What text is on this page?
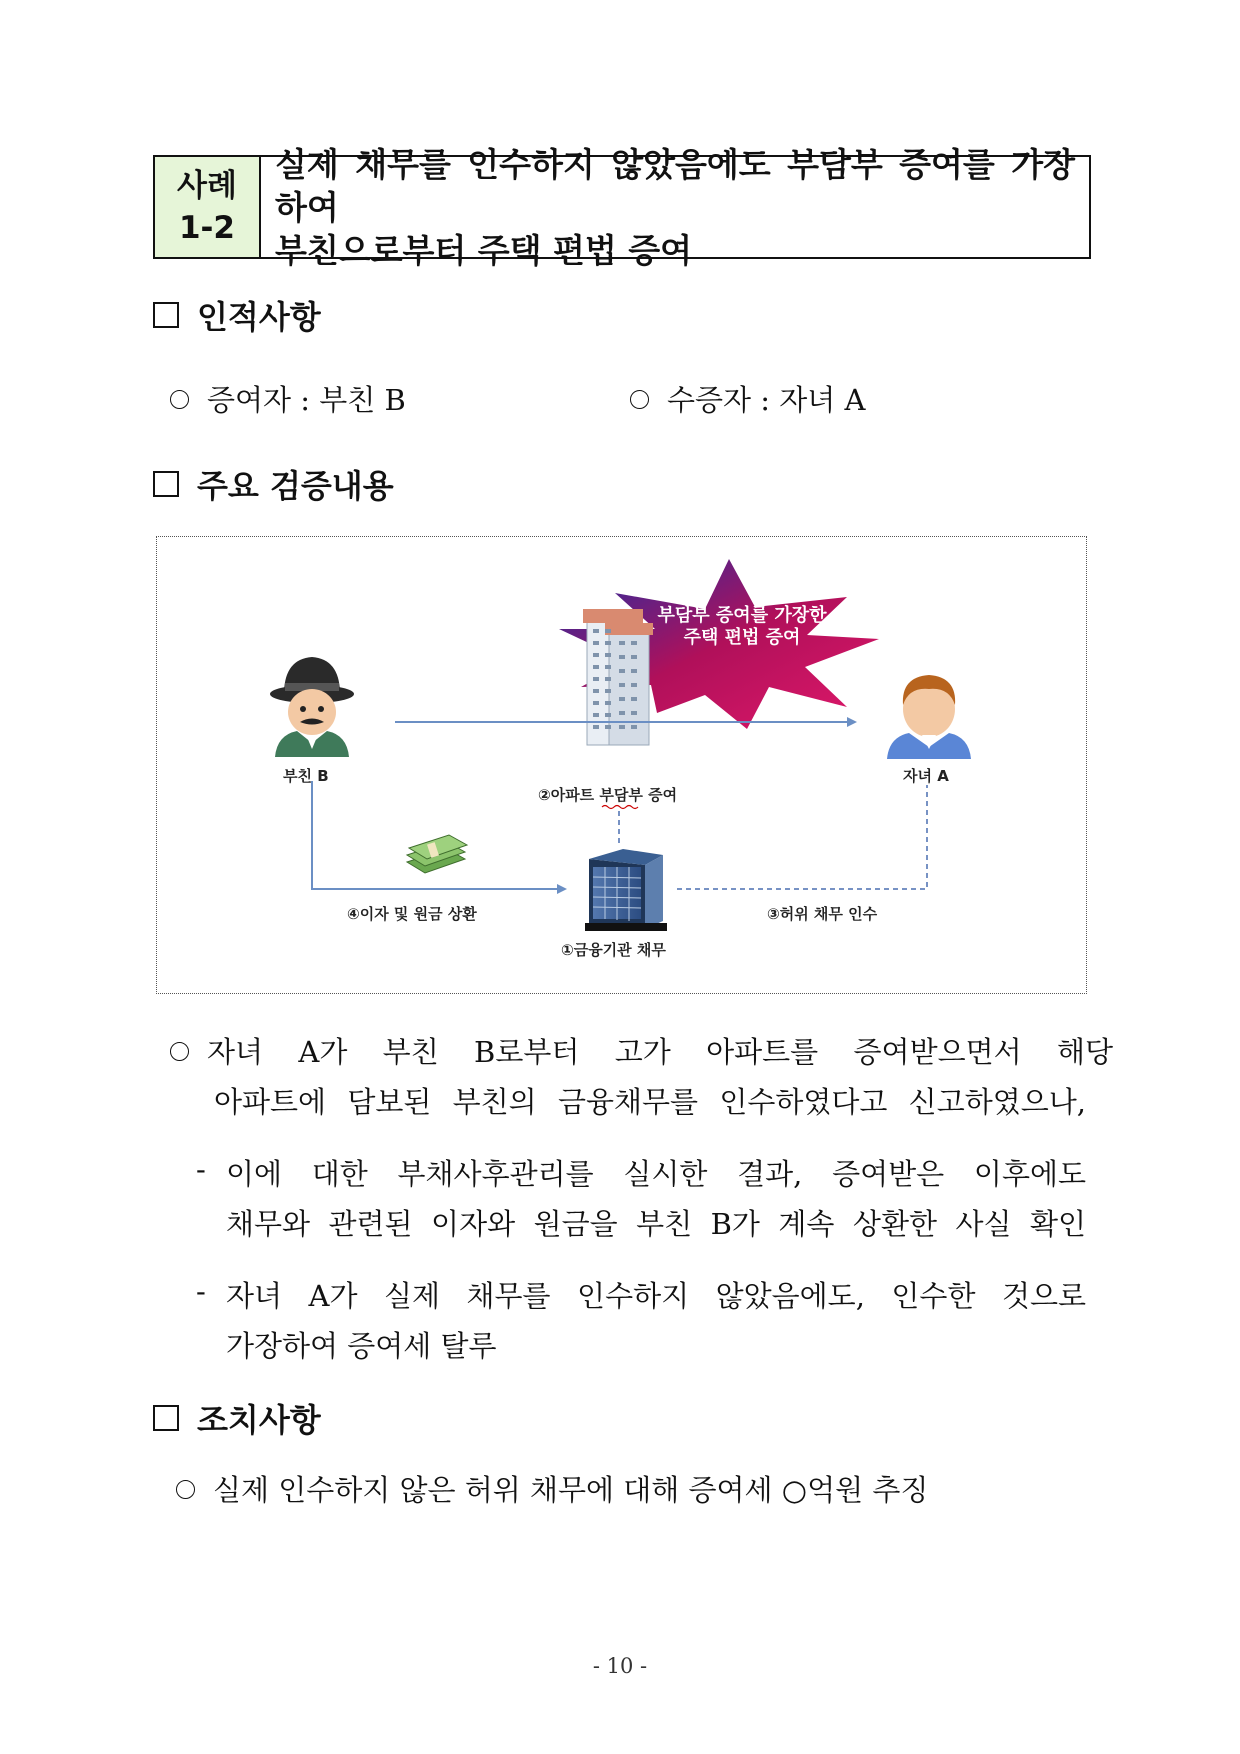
사례
1-2
실제 채무를 인수하지 않았음에도 부담부 증여를 가장하여
부친으로부터 주택 편법 증여
인적사항
증여자 : 부친 B	수증자 : 자녀 A
주요 검증내용
부담부 증여를 가장한
주택 편법 증여
부친 B	자녀 A
②아파트 부담부 증여
④이자 및 원금 상환	③허위 채무 인수
①금융기관 채무
자녀 A가 부친 B로부터 고가 아파트를 증여받으면서 해당
아파트에 담보된 부친의 금융채무를 인수하였다고 신고하였으나,
- 이에 대한 부채사후관리를 실시한 결과, 증여받은 이후에도
채무와 관련된 이자와 원금을 부친 B가 계속 상환한 사실 확인
- 자녀 A가 실제 채무를 인수하지 않았음에도, 인수한 것으로
가장하여 증여세 탈루
조치사항
실제 인수하지 않은 허위 채무에 대해 증여세 ○억원 추징
- 10 -
